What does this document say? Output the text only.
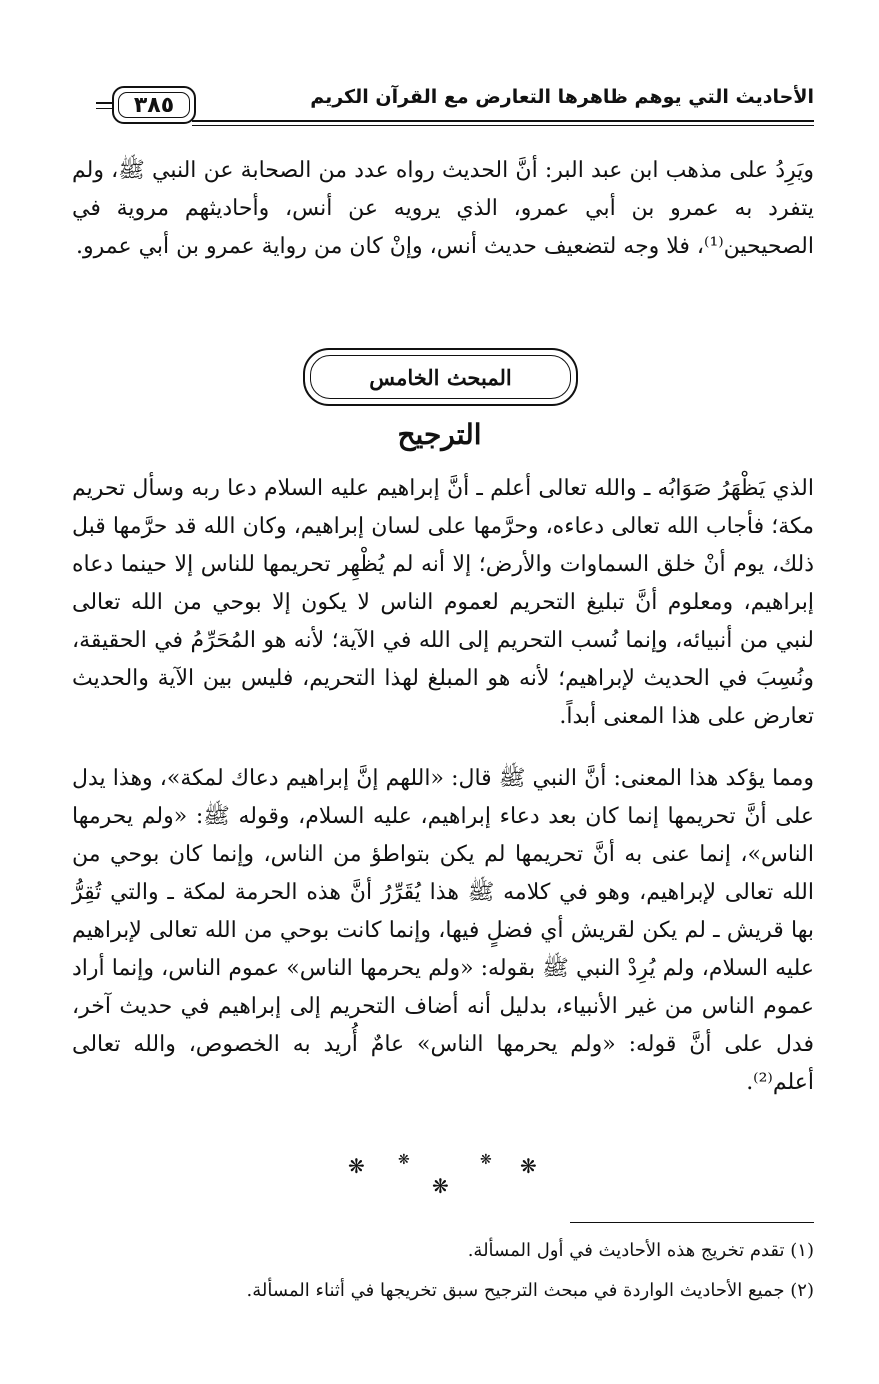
الأحاديث التي يوهم ظاهرها التعارض مع القرآن الكريم
٣٨٥

ويَرِدُ على مذهب ابن عبد البر: أنَّ الحديث رواه عدد من الصحابة عن النبي ﷺ، ولم يتفرد به عمرو بن أبي عمرو، الذي يرويه عن أنس، وأحاديثهم مروية في الصحيحين⁽¹⁾، فلا وجه لتضعيف حديث أنس، وإنْ كان من رواية عمرو بن أبي عمرو.

المبحث الخامس
الترجيح

الذي يَظْهَرُ صَوَابُه ـ والله تعالى أعلم ـ أنَّ إبراهيم عليه السلام دعا ربه وسأل تحريم مكة؛ فأجاب الله تعالى دعاءه، وحرَّمها على لسان إبراهيم، وكان الله قد حرَّمها قبل ذلك، يوم أنْ خلق السماوات والأرض؛ إلا أنه لم يُظْهِر تحريمها للناس إلا حينما دعاه إبراهيم، ومعلوم أنَّ تبليغ التحريم لعموم الناس لا يكون إلا بوحي من الله تعالى لنبي من أنبيائه، وإنما نُسب التحريم إلى الله في الآية؛ لأنه هو المُحَرِّمُ في الحقيقة، ونُسِبَ في الحديث لإبراهيم؛ لأنه هو المبلغ لهذا التحريم، فليس بين الآية والحديث تعارض على هذا المعنى أبداً.

ومما يؤكد هذا المعنى: أنَّ النبي ﷺ قال: «اللهم إنَّ إبراهيم دعاك لمكة»، وهذا يدل على أنَّ تحريمها إنما كان بعد دعاء إبراهيم، عليه السلام، وقوله ﷺ: «ولم يحرمها الناس»، إنما عنى به أنَّ تحريمها لم يكن بتواطؤ من الناس، وإنما كان بوحي من الله تعالى لإبراهيم، وهو في كلامه ﷺ هذا يُقَرِّرُ أنَّ هذه الحرمة لمكة ـ والتي تُقِرُّ بها قريش ـ لم يكن لقريش أي فضلٍ فيها، وإنما كانت بوحي من الله تعالى لإبراهيم عليه السلام، ولم يُرِدْ النبي ﷺ بقوله: «ولم يحرمها الناس» عموم الناس، وإنما أراد عموم الناس من غير الأنبياء، بدليل أنه أضاف التحريم إلى إبراهيم في حديث آخر، فدل على أنَّ قوله: «ولم يحرمها الناس» عامٌ أُريد به الخصوص، والله تعالى أعلم⁽²⁾.

❋ ❋
❋
❋ ❋

(١) تقدم تخريج هذه الأحاديث في أول المسألة.

(٢) جميع الأحاديث الواردة في مبحث الترجيح سبق تخريجها في أثناء المسألة.
